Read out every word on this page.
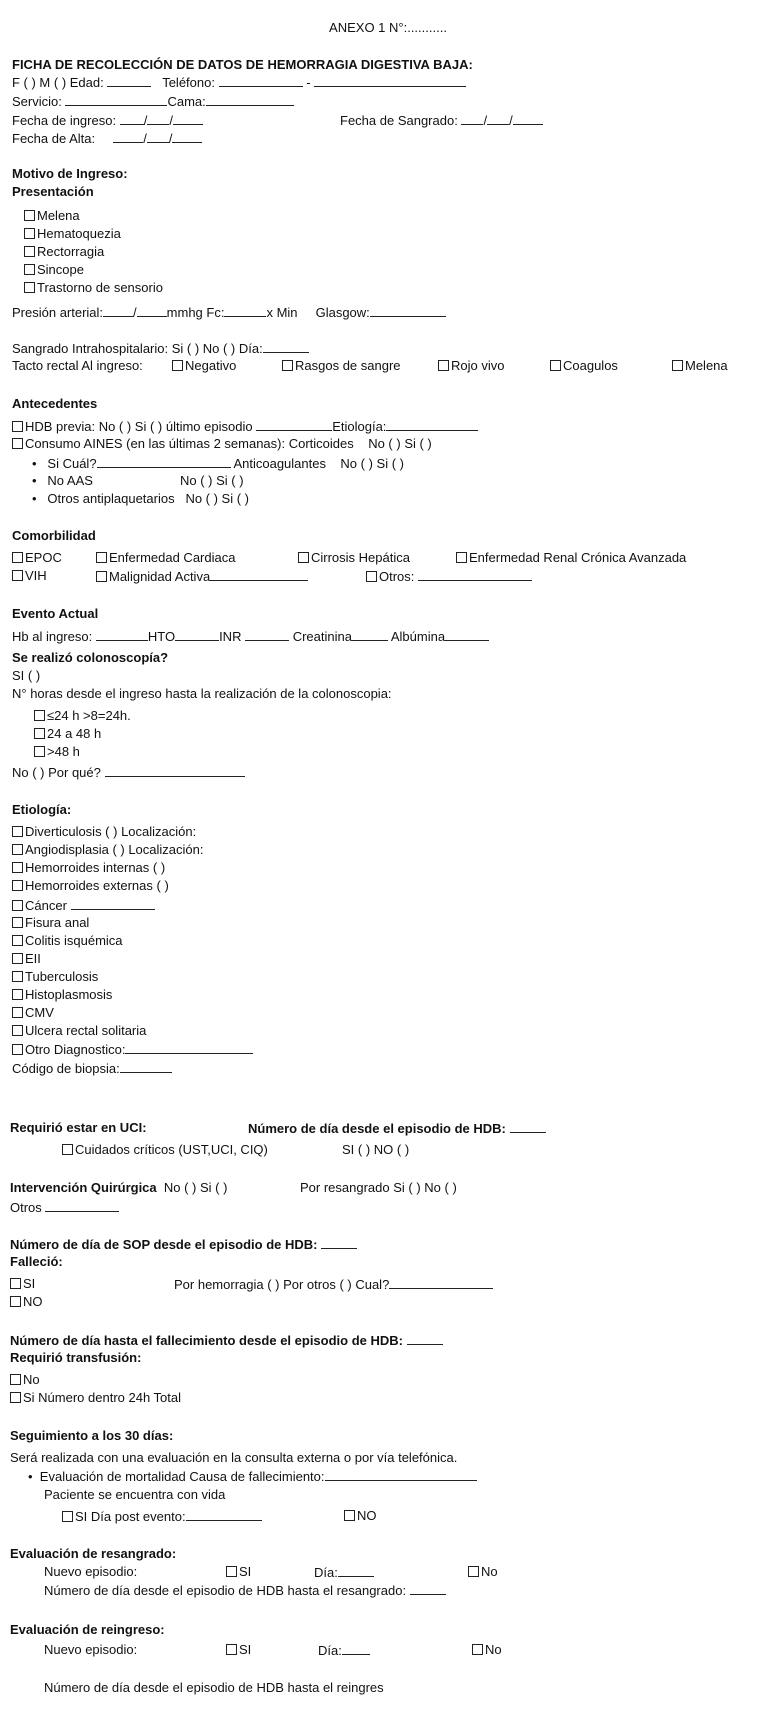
ANEXO 1 N°:...........
FICHA DE RECOLECCIÓN DE DATOS DE HEMORRAGIA DIGESTIVA BAJA:
F ( ) M ( ) Edad:	Teléfono:	-
Servicio:	Cama:
Fecha de ingreso: / /	Fecha de Sangrado: / /
Fecha de Alta:	/ /
Motivo de Ingreso:
Presentación
Melena
Hematoquezia
Rectorragia
Sincope
Trastorno de sensorio
Presión arterial: / mmhg Fc:	x Min Glasgow:
Sangrado Intrahospitalario: Si ( ) No ( ) Día:
Tacto rectal Al ingreso:	Negativo	Rasgos de sangre	Rojo vivo	Coagulos	Melena
Antecedentes
HDB previa: No ( ) Si ( ) último episodio	Etiología:
Consumo AINES (en las últimas 2 semanas): Corticoides No ( ) Si ( )
• Si Cuál?	Anticoagulantes No ( ) Si ( )
• No AAS	No ( ) Si ( )
• Otros antiplaquetarios No ( ) Si ( )
Comorbilidad
EPOC	Enfermedad Cardiaca	Cirrosis Hepática	Enfermedad Renal Crónica Avanzada
VIH	Malignidad Activa	Otros:
Evento Actual
Hb al ingreso:	HTO	INR	Creatinina	Albúmina
Se realizó colonoscopía?
SI ( )
N° horas desde el ingreso hasta la realización de la colonoscopia:
≤24 h >8=24h.
24 a 48 h
>48 h
No ( ) Por qué?
Etiología:
Diverticulosis ( ) Localización:
Angiodisplasia ( ) Localización:
Hemorroides internas ( )
Hemorroides externas ( )
Cáncer
Fisura anal
Colitis isquémica
EII
Tuberculosis
Histoplasmosis
CMV
Ulcera rectal solitaria
Otro Diagnostico:
Código de biopsia:
Requirió estar en UCI:	Número de día desde el episodio de HDB:
Cuidados críticos (UST,UCI, CIQ)	SI ( ) NO ( )
Intervención Quirúrgica No ( ) Si ( )	Por resangrado Si ( ) No ( )
Otros
Número de día de SOP desde el episodio de HDB:
Falleció:
SI	Por hemorragia ( ) Por otros ( ) Cual?
NO
Número de día hasta el fallecimiento desde el episodio de HDB:
Requirió transfusión:
No
Si Número dentro 24h Total
Seguimiento a los 30 días:
Será realizada con una evaluación en la consulta externa o por vía telefónica.
• Evaluación de mortalidad Causa de fallecimiento:
Paciente se encuentra con vida
SI Día post evento:	NO
Evaluación de resangrado:
Nuevo episodio:	SI	Día:	No
Número de día desde el episodio de HDB hasta el resangrado:
Evaluación de reingreso:
Nuevo episodio:	SI	Día:	No
Número de día desde el episodio de HDB hasta el reingres
